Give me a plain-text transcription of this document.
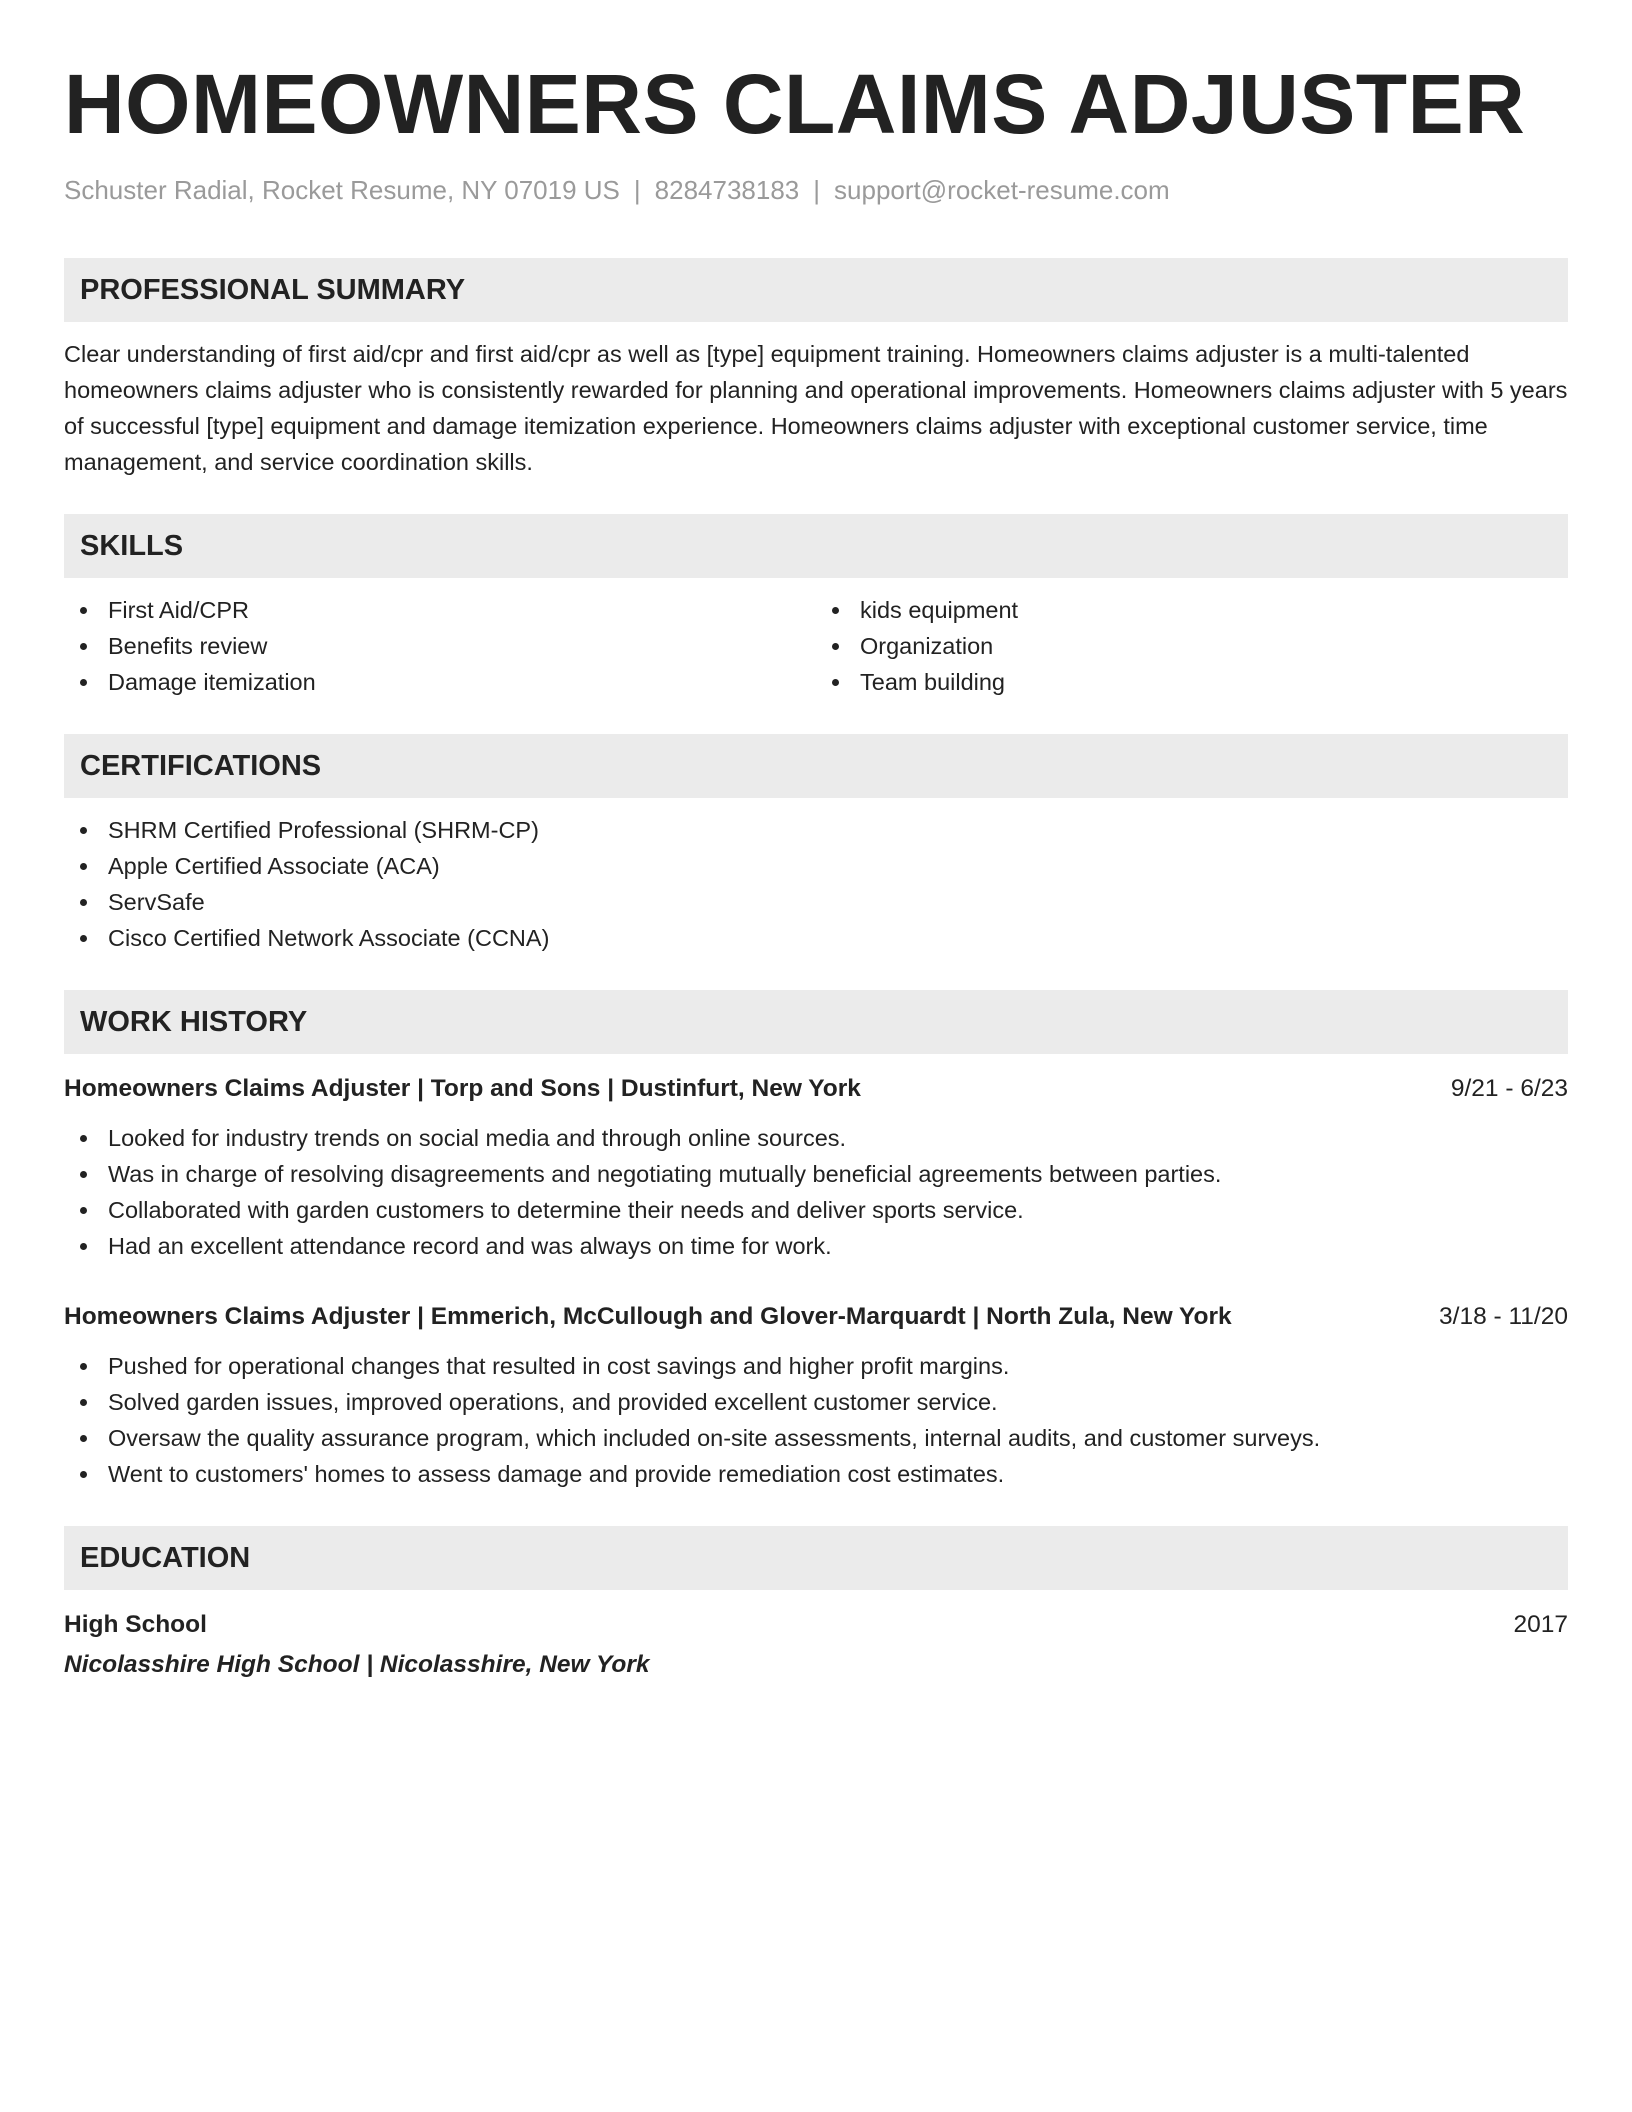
HOMEOWNERS CLAIMS ADJUSTER
Schuster Radial, Rocket Resume, NY 07019 US | 8284738183 | support@rocket-resume.com
PROFESSIONAL SUMMARY

Clear understanding of first aid/cpr and first aid/cpr as well as [type] equipment training. Homeowners claims adjuster is a multi-talented homeowners claims adjuster who is consistently rewarded for planning and operational improvements. Homeowners claims adjuster with 5 years of successful [type] equipment and damage itemization experience. Homeowners claims adjuster with exceptional customer service, time management, and service coordination skills.

SKILLS
First Aid/CPR
Benefits review
Damage itemization
kids equipment
Organization
Team building
CERTIFICATIONS
SHRM Certified Professional (SHRM-CP)
Apple Certified Associate (ACA)
ServSafe
Cisco Certified Network Associate (CCNA)
WORK HISTORY
Homeowners Claims Adjuster | Torp and Sons | Dustinfurt, New York	9/21 - 6/23
Looked for industry trends on social media and through online sources.
Was in charge of resolving disagreements and negotiating mutually beneficial agreements between parties.
Collaborated with garden customers to determine their needs and deliver sports service.
Had an excellent attendance record and was always on time for work.
Homeowners Claims Adjuster | Emmerich, McCullough and Glover-Marquardt | North Zula, New York	3/18 - 11/20
Pushed for operational changes that resulted in cost savings and higher profit margins.
Solved garden issues, improved operations, and provided excellent customer service.
Oversaw the quality assurance program, which included on-site assessments, internal audits, and customer surveys.
Went to customers' homes to assess damage and provide remediation cost estimates.
EDUCATION
High School	2017
Nicolasshire High School | Nicolasshire, New York
